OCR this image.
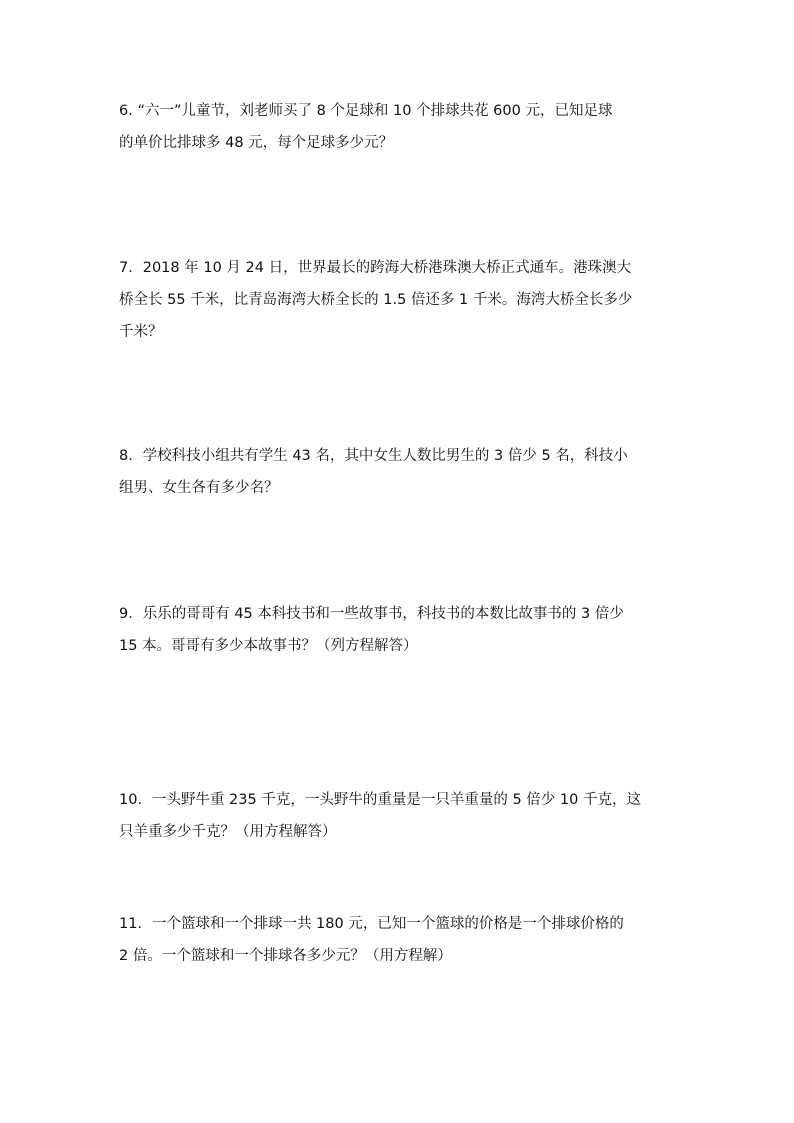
6. “六一”儿童节，刘老师买了 8 个足球和 10 个排球共花 600 元，已知足球
的单价比排球多 48 元，每个足球多少元？

7．2018 年 10 月 24 日，世界最长的跨海大桥港珠澳大桥正式通车。港珠澳大
桥全长 55 千米，比青岛海湾大桥全长的 1.5 倍还多 1 千米。海湾大桥全长多少
千米？

8．学校科技小组共有学生 43 名，其中女生人数比男生的 3 倍少 5 名，科技小
组男、女生各有多少名？

9．乐乐的哥哥有 45 本科技书和一些故事书，科技书的本数比故事书的 3 倍少
15 本。哥哥有多少本故事书？（列方程解答）

10．一头野牛重 235 千克，一头野牛的重量是一只羊重量的 5 倍少 10 千克，这
只羊重多少千克？（用方程解答）

11．一个篮球和一个排球一共 180 元，已知一个篮球的价格是一个排球价格的
2 倍。一个篮球和一个排球各多少元？（用方程解）
